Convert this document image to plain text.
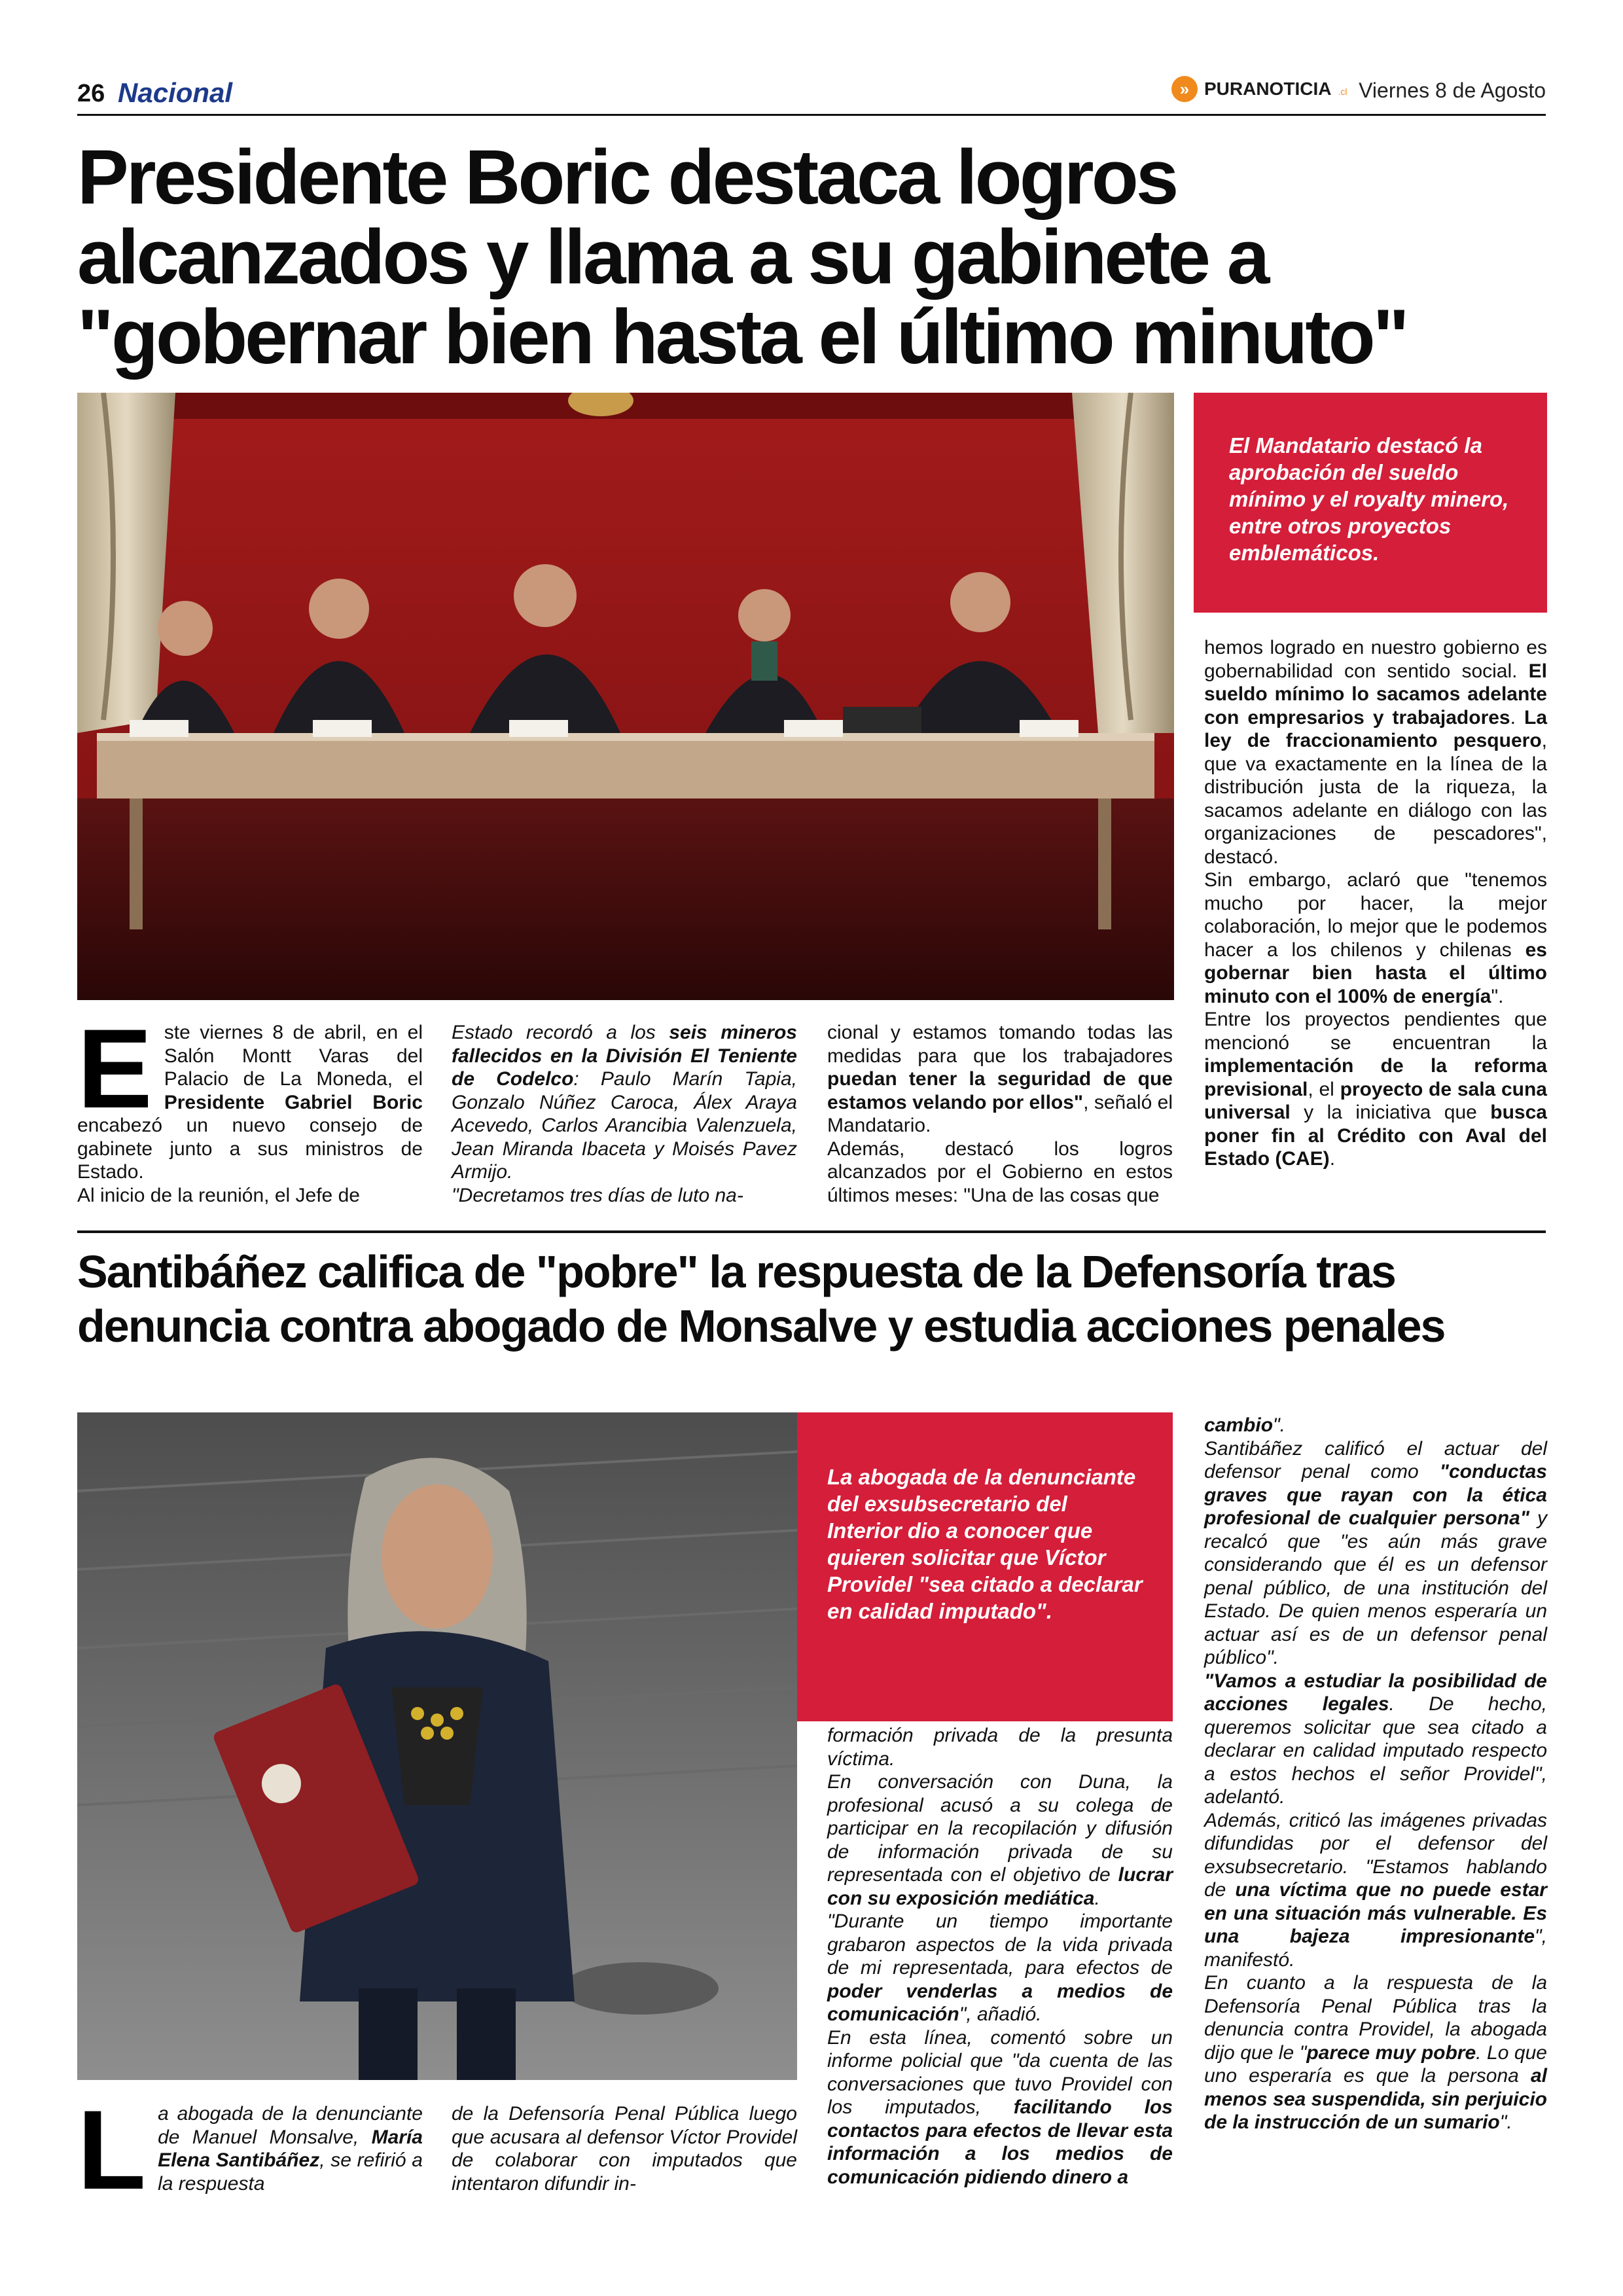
26 Nacional	» PURANOTICIA .cl Viernes 8 de Agosto
Presidente Boric destaca logros alcanzados y llama a su gabinete a "gobernar bien hasta el último minuto"

El Mandatario destacó la aprobación del sueldo mínimo y el royalty minero, entre otros proyectos emblemáticos.

Este viernes 8 de abril, en el Salón Montt Varas del Palacio de La Moneda, el Presidente Gabriel Boric encabezó un nuevo consejo de gabinete junto a sus ministros de Estado.

Al inicio de la reunión, el Jefe de

Estado recordó a los seis mineros fallecidos en la División El Teniente de Codelco: Paulo Marín Tapia, Gonzalo Núñez Caroca, Álex Araya Acevedo, Carlos Arancibia Valenzuela, Jean Miranda Ibaceta y Moisés Pavez Armijo.

"Decretamos tres días de luto na-

cional y estamos tomando todas las medidas para que los trabajadores puedan tener la seguridad de que estamos velando por ellos", señaló el Mandatario.

Además, destacó los logros alcanzados por el Gobierno en estos últimos meses: "Una de las cosas que

hemos logrado en nuestro gobierno es gobernabilidad con sentido social. El sueldo mínimo lo sacamos adelante con empresarios y trabajadores. La ley de fraccionamiento pesquero, que va exactamente en la línea de la distribución justa de la riqueza, la sacamos adelante en diálogo con las organizaciones de pescadores", destacó.

Sin embargo, aclaró que "tenemos mucho por hacer, la mejor colaboración, lo mejor que le podemos hacer a los chilenos y chilenas es gobernar bien hasta el último minuto con el 100% de energía".

Entre los proyectos pendientes que mencionó se encuentran la implementación de la reforma previsional, el proyecto de sala cuna universal y la iniciativa que busca poner fin al Crédito con Aval del Estado (CAE).

Santibáñez califica de "pobre" la respuesta de la Defensoría tras denuncia contra abogado de Monsalve y estudia acciones penales

La abogada de la denunciante del exsubsecretario del Interior dio a conocer que quieren solicitar que Víctor Providel "sea citado a declarar en calidad imputado".

La abogada de la denunciante de Manuel Monsalve, María Elena Santibáñez, se refirió a la respuesta

de la Defensoría Penal Pública luego que acusara al defensor Víctor Providel de colaborar con imputados que intentaron difundir in-

formación privada de la presunta víctima.

En conversación con Duna, la profesional acusó a su colega de participar en la recopilación y difusión de información privada de su representada con el objetivo de lucrar con su exposición mediática.

"Durante un tiempo importante grabaron aspectos de la vida privada de mi representada, para efectos de poder venderlas a medios de comunicación", añadió.

En esta línea, comentó sobre un informe policial que "da cuenta de las conversaciones que tuvo Providel con los imputados, facilitando los contactos para efectos de llevar esta información a los medios de comunicación pidiendo dinero a

cambio".

Santibáñez calificó el actuar del defensor penal como "conductas graves que rayan con la ética profesional de cualquier persona" y recalcó que "es aún más grave considerando que él es un defensor penal público, de una institución del Estado. De quien menos esperaría un actuar así es de un defensor penal público".

"Vamos a estudiar la posibilidad de acciones legales. De hecho, queremos solicitar que sea citado a declarar en calidad imputado respecto a estos hechos el señor Providel", adelantó.

Además, criticó las imágenes privadas difundidas por el defensor del exsubsecretario. "Estamos hablando de una víctima que no puede estar en una situación más vulnerable. Es una bajeza impresionante", manifestó.

En cuanto a la respuesta de la Defensoría Penal Pública tras la denuncia contra Providel, la abogada dijo que le "parece muy pobre. Lo que uno esperaría es que la persona al menos sea suspendida, sin perjuicio de la instrucción de un sumario".
